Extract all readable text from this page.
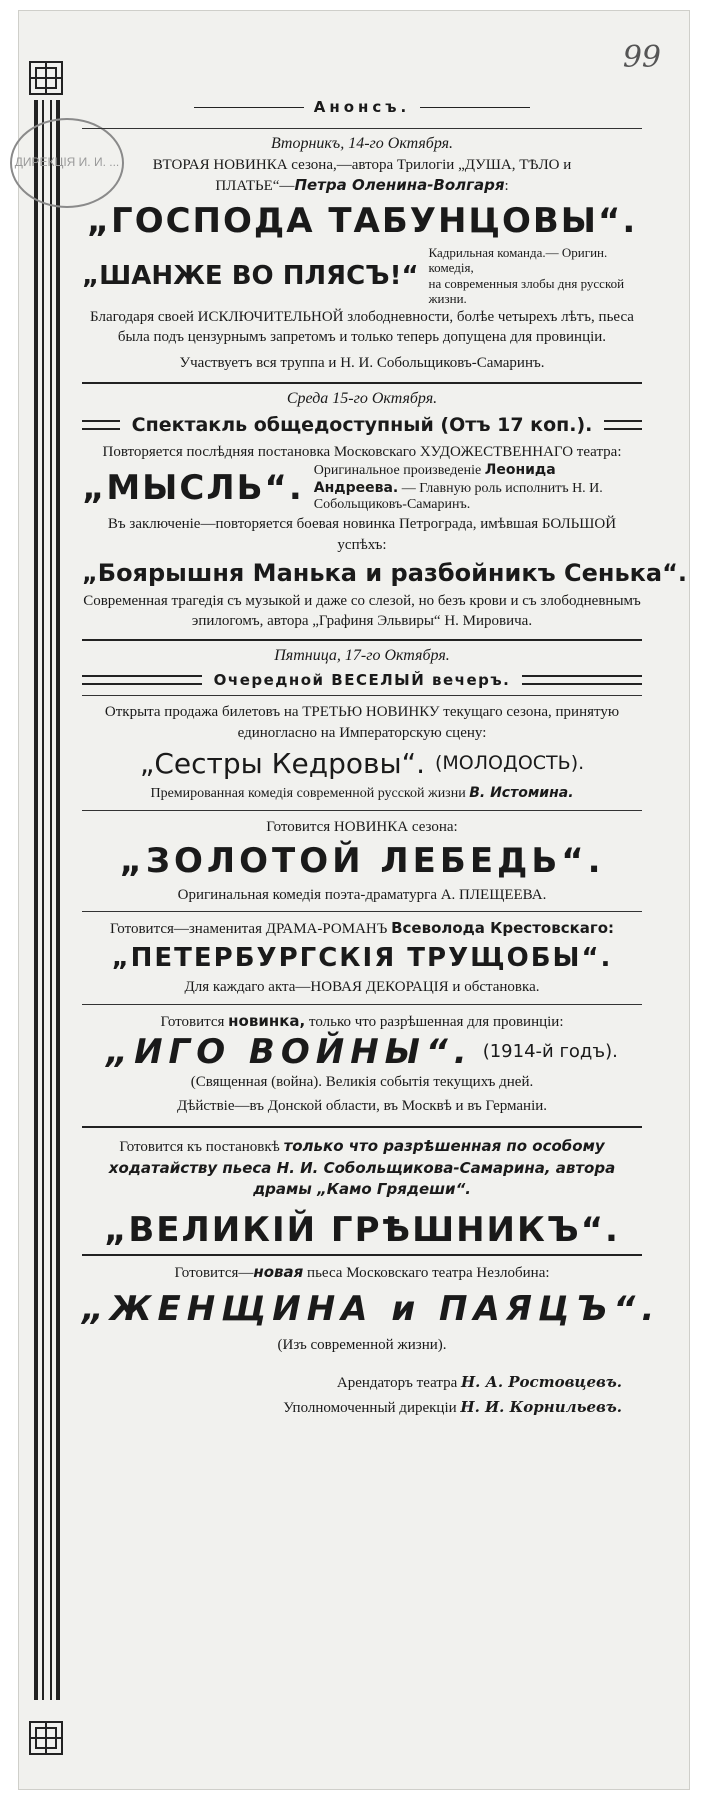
99
ДИРЕКЦІЯ И. И. ...
Анонсъ.
Вторникъ, 14-го Октября.

ВТОРАЯ НОВИНКА сезона,—автора Трилогіи „ДУША, ТѢЛО и

ПЛАТЬЕ“—Петра Оленина-Волгаря:

„ГОСПОДА ТАБУНЦОВЫ“.
„ШАНЖЕ ВО ПЛЯСЪ!“
Кадрильная команда.— Оригин. комедія,
на современныя злобы дня русской жизни.

Благодаря своей ИСКЛЮЧИТЕЛЬНОЙ злободневности, болѣе четырехъ лѣтъ, пьеса была подъ цензурнымъ запретомъ и только теперь допущена для провинціи.

Участвуетъ вся труппа и Н. И. Собольщиковъ-Самаринъ.

Среда 15-го Октября.
Спектакль общедоступный (Отъ 17 коп.).

Повторяется послѣдняя постановка Московскаго ХУДОЖЕСТВЕННАГО театра:

„МЫСЛЬ“. Оригинальное произведеніе Леонида Андреева. — Главную роль исполнитъ Н. И. Собольщиковъ-Самаринъ.

Въ заключеніе—повторяется боевая новинка Петрограда, имѣвшая БОЛЬШОЙ успѣхъ:

„Боярышня Манька и разбойникъ Сенька“.

Современная трагедія съ музыкой и даже со слезой, но безъ крови и съ злободневнымъ эпилогомъ, автора „Графиня Эльвиры“ Н. Мировича.

Пятница, 17-го Октября.
Очередной ВЕСЕЛЫЙ вечеръ.

Открыта продажа билетовъ на ТРЕТЬЮ НОВИНКУ текущаго сезона, принятую единогласно на Императорскую сцену:

„Сестры Кедровы“. (МОЛОДОСТЬ).

Премированная комедія современной русской жизни В. Истомина.

Готовится НОВИНКА сезона:

„ЗОЛОТОЙ ЛЕБЕДЬ“.

Оригинальная комедія поэта-драматурга А. ПЛЕЩЕЕВА.

Готовится—знаменитая ДРАМА-РОМАНЪ Всеволода Крестовскаго:

„ПЕТЕРБУРГСКІЯ ТРУЩОБЫ“.

Для каждаго акта—НОВАЯ ДЕКОРАЦІЯ и обстановка.

Готовится новинка, только что разрѣшенная для провинціи:

„ИГО ВОЙНЫ“. (1914-й годъ).

(Священная (война). Великія событія текущихъ дней.

Дѣйствіе—въ Донской области, въ Москвѣ и въ Германіи.

Готовится къ постановкѣ только что разрѣшенная по особому ходатайству пьеса Н. И. Собольщикова-Самарина, автора драмы „Камо Грядеши“.

„ВЕЛИКІЙ ГРѢШНИКЪ“.

Готовится—новая пьеса Московскаго театра Незлобина:

„ЖЕНЩИНА и ПАЯЦЪ“.

(Изъ современной жизни).

Арендаторъ театра Н. А. Ростовцевъ.
Уполномоченный дирекціи Н. И. Корнильевъ.
